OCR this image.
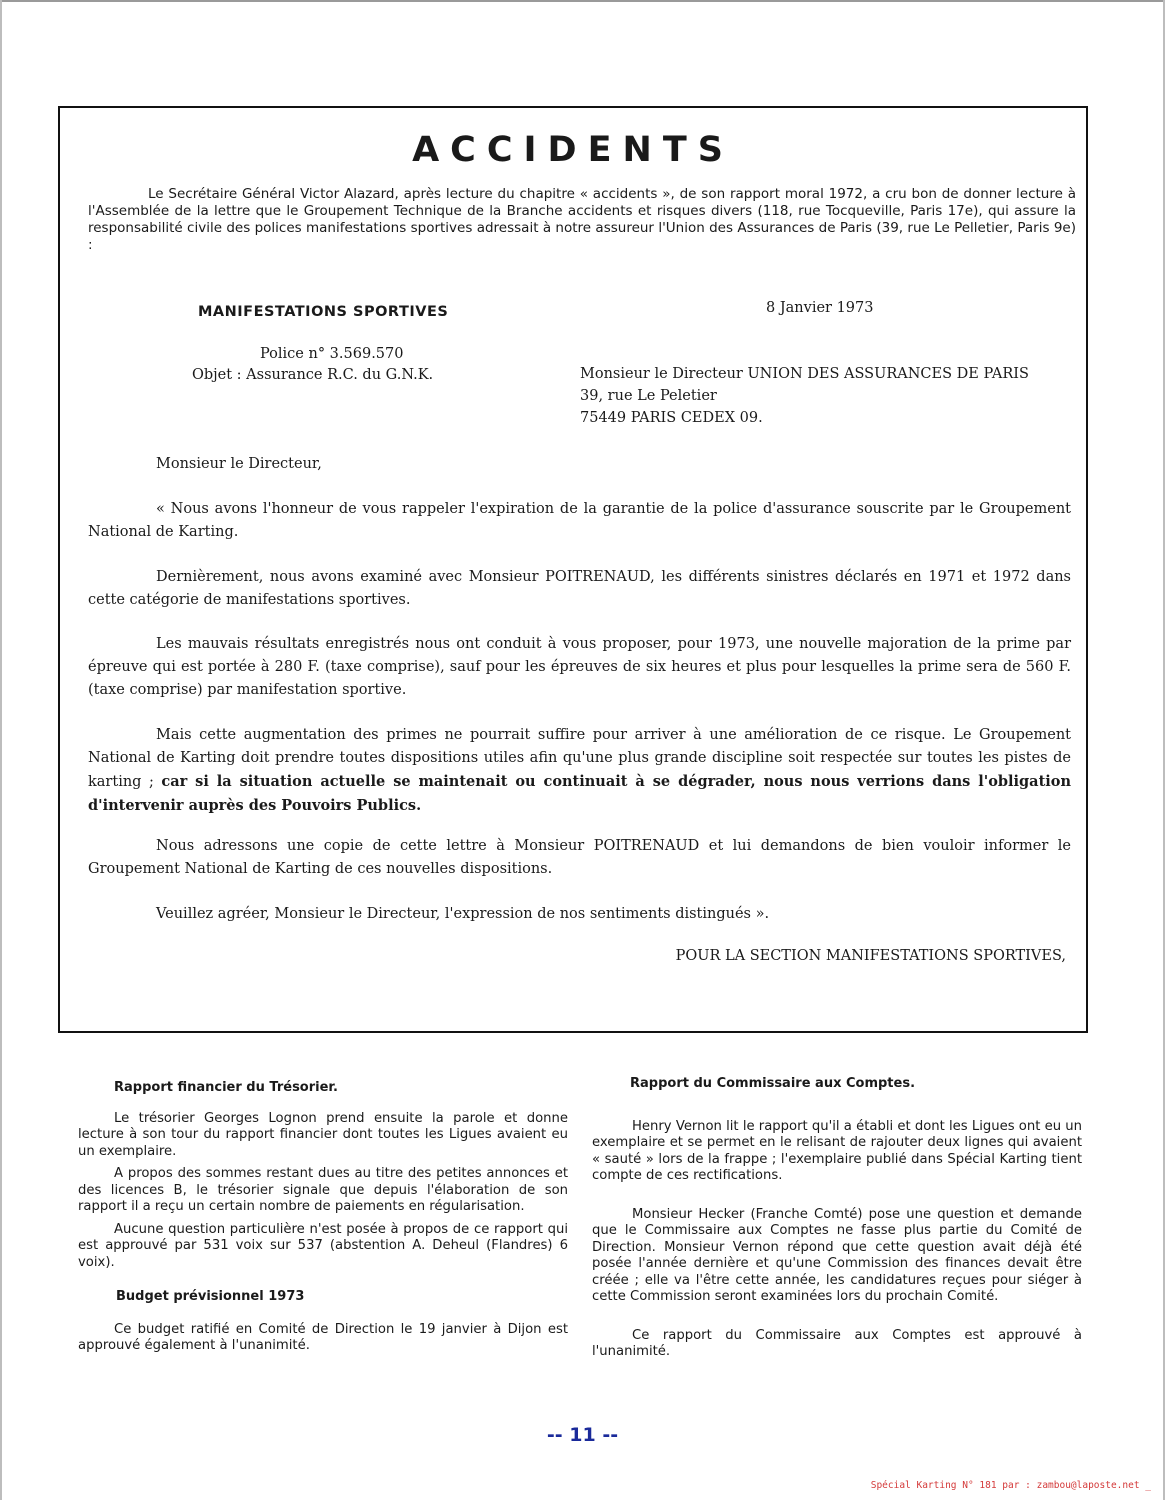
ACCIDENTS
Le Secrétaire Général Victor Alazard, après lecture du chapitre « accidents », de son rapport moral 1972, a cru bon de donner lecture à l'Assemblée de la lettre que le Groupement Technique de la Branche accidents et risques divers (118, rue Tocqueville, Paris 17e), qui assure la responsabilité civile des polices manifestations sportives adressait à notre assureur l'Union des Assurances de Paris (39, rue Le Pelletier, Paris 9e) :
MANIFESTATIONS SPORTIVES	8 Janvier 1973
Police n° 3.569.570
Objet : Assurance R.C. du G.N.K.	Monsieur le Directeur UNION DES ASSURANCES DE PARIS
39, rue Le Peletier
75449 PARIS CEDEX 09.
Monsieur le Directeur,
« Nous avons l'honneur de vous rappeler l'expiration de la garantie de la police d'assurance souscrite par le Groupement National de Karting.
Dernièrement, nous avons examiné avec Monsieur POITRENAUD, les différents sinistres déclarés en 1971 et 1972 dans cette catégorie de manifestations sportives.
Les mauvais résultats enregistrés nous ont conduit à vous proposer, pour 1973, une nouvelle majoration de la prime par épreuve qui est portée à 280 F. (taxe comprise), sauf pour les épreuves de six heures et plus pour lesquelles la prime sera de 560 F. (taxe comprise) par manifestation sportive.
Mais cette augmentation des primes ne pourrait suffire pour arriver à une amélioration de ce risque. Le Groupement National de Karting doit prendre toutes dispositions utiles afin qu'une plus grande discipline soit respectée sur toutes les pistes de karting ; car si la situation actuelle se maintenait ou continuait à se dégrader, nous nous verrions dans l'obligation d'intervenir auprès des Pouvoirs Publics.
Nous adressons une copie de cette lettre à Monsieur POITRENAUD et lui demandons de bien vouloir informer le Groupement National de Karting de ces nouvelles dispositions.
Veuillez agréer, Monsieur le Directeur, l'expression de nos sentiments distingués ».
POUR LA SECTION MANIFESTATIONS SPORTIVES,
Rapport financier du Trésorier.

Le trésorier Georges Lognon prend ensuite la parole et donne lecture à son tour du rapport financier dont toutes les Ligues avaient eu un exemplaire.

A propos des sommes restant dues au titre des petites annonces et des licences B, le trésorier signale que depuis l'élaboration de son rapport il a reçu un certain nombre de paiements en régularisation.

Aucune question particulière n'est posée à propos de ce rapport qui est approuvé par 531 voix sur 537 (abstention A. Deheul (Flandres) 6 voix).

Budget prévisionnel 1973

Ce budget ratifié en Comité de Direction le 19 janvier à Dijon est approuvé également à l'unanimité.

Rapport du Commissaire aux Comptes.

Henry Vernon lit le rapport qu'il a établi et dont les Ligues ont eu un exemplaire et se permet en le relisant de rajouter deux lignes qui avaient « sauté » lors de la frappe ; l'exemplaire publié dans Spécial Karting tient compte de ces rectifications.

Monsieur Hecker (Franche Comté) pose une question et demande que le Commissaire aux Comptes ne fasse plus partie du Comité de Direction. Monsieur Vernon répond que cette question avait déjà été posée l'année dernière et qu'une Commission des finances devait être créée ; elle va l'être cette année, les candidatures reçues pour siéger à cette Commission seront examinées lors du prochain Comité.

Ce rapport du Commissaire aux Comptes est approuvé à l'unanimité.

-- 11 --
Spécial Karting N° 181 par : zambou@laposte.net _
